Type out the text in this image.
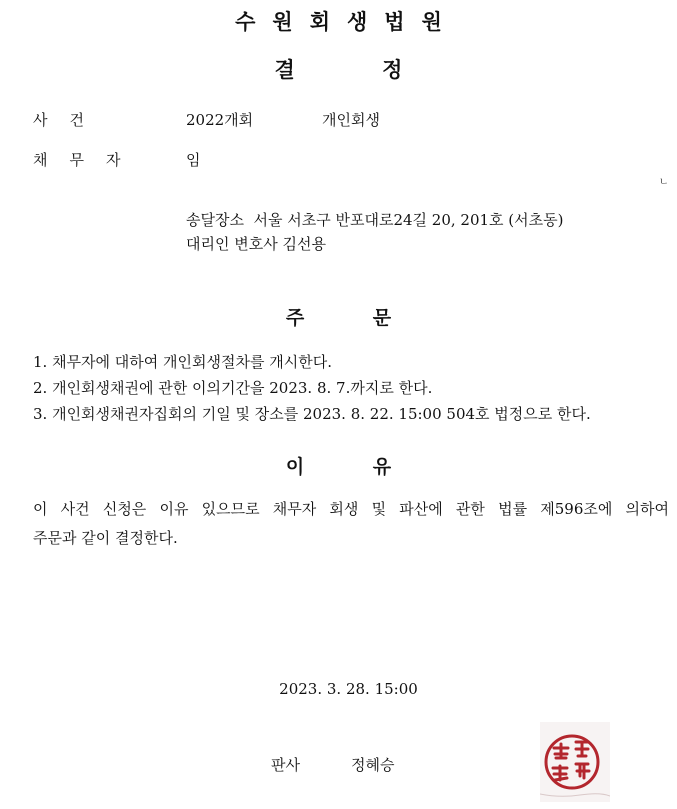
수원회생법원
결 정
사건	2022개회	개인회생
채무자	임
ㄴ
송달장소  서울 서초구 반포대로24길 20, 201호 (서초동)
대리인 변호사 김선용
주 문
1. 채무자에 대하여 개인회생절차를 개시한다.
2. 개인회생채권에 관한 이의기간을 2023. 8. 7.까지로 한다.
3. 개인회생채권자집회의 기일 및 장소를 2023. 8. 22. 15:00 504호 법정으로 한다.
이 유
이 사건 신청은 이유 있으므로 채무자 회생 및 파산에 관한 법률 제596조에 의하여
주문과 같이 결정한다.
2023. 3. 28. 15:00
판사	정혜승
